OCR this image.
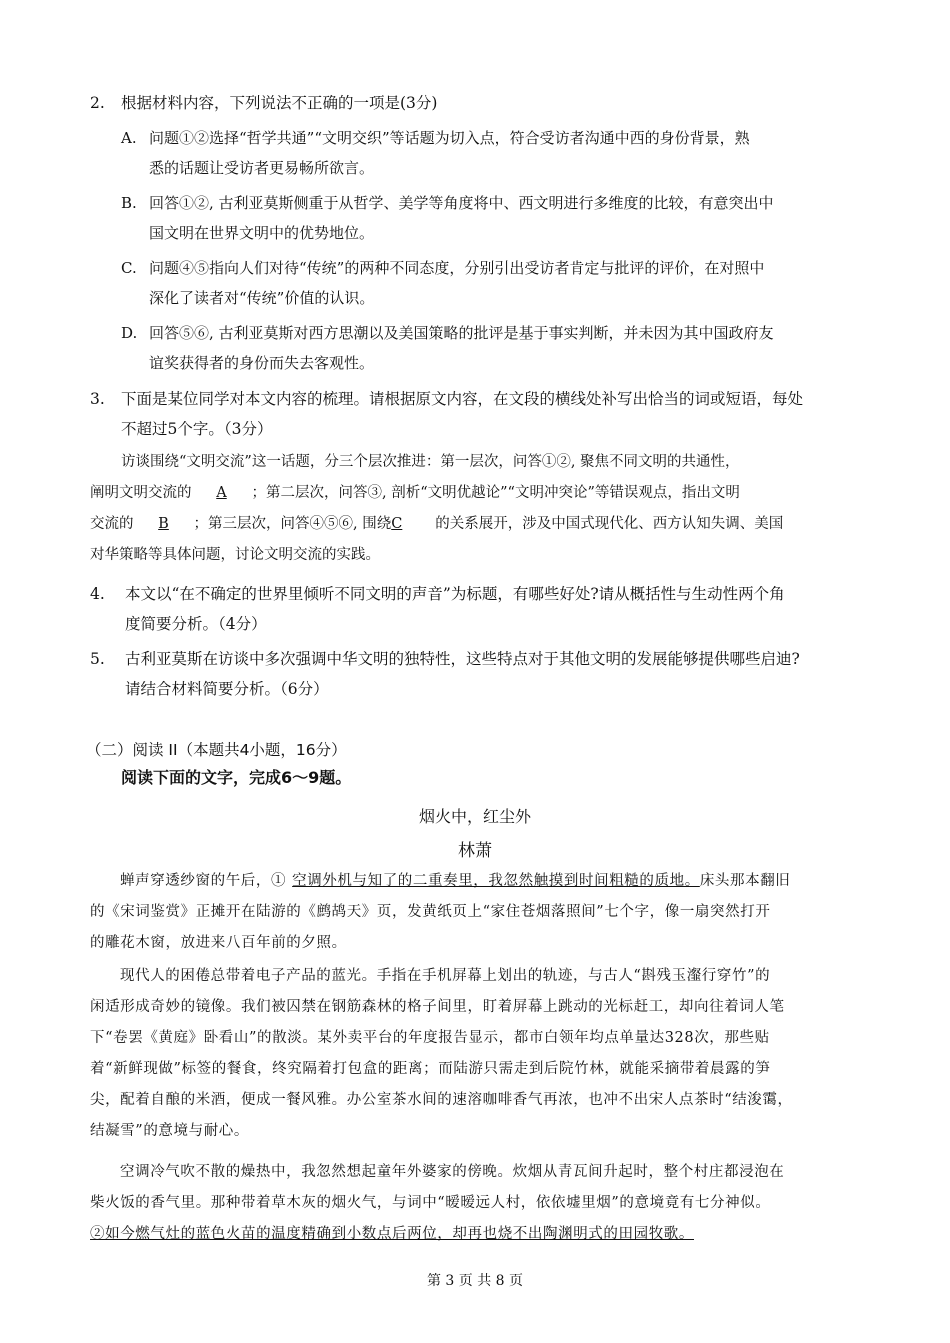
2. 根据材料内容，下列说法不正确的一项是(3分)
A. 问题①②选择“哲学共通”“文明交织”等话题为切入点，符合受访者沟通中西的身份背景，熟
悉的话题让受访者更易畅所欲言。
B. 回答①②, 古利亚莫斯侧重于从哲学、美学等角度将中、西文明进行多维度的比较，有意突出中
国文明在世界文明中的优势地位。
C. 问题④⑤指向人们对待“传统”的两种不同态度，分别引出受访者肯定与批评的评价，在对照中
深化了读者对“传统”价值的认识。
D. 回答⑤⑥, 古利亚莫斯对西方思潮以及美国策略的批评是基于事实判断，并未因为其中国政府友
谊奖获得者的身份而失去客观性。
3. 下面是某位同学对本文内容的梳理。请根据原文内容，在文段的横线处补写出恰当的词或短语，每处
不超过5个字。（3分）
访谈围绕“文明交流”这一话题，分三个层次推进：第一层次，问答①②, 聚焦不同文明的共通性，
阐明文明交流的 A ；第二层次，问答③, 剖析“文明优越论”“文明冲突论”等错误观点，指出文明
交流的 B ；第三层次，问答④⑤⑥, 围绕C 的关系展开，涉及中国式现代化、西方认知失调、美国
对华策略等具体问题，讨论文明交流的实践。
4. 本文以“在不确定的世界里倾听不同文明的声音”为标题，有哪些好处?请从概括性与生动性两个角
度简要分析。（4分）
5. 古利亚莫斯在访谈中多次强调中华文明的独特性，这些特点对于其他文明的发展能够提供哪些启迪?
请结合材料简要分析。（6分）
（二）阅读 II（本题共4小题，16分）
阅读下面的文字，完成6～9题。
烟火中，红尘外
林萧
蝉声穿透纱窗的午后，① 空调外机与知了的二重奏里，我忽然触摸到时间粗糙的质地。床头那本翻旧
的《宋词鉴赏》正摊开在陆游的《鹧鸪天》页，发黄纸页上“家住苍烟落照间”七个字，像一扇突然打开
的雕花木窗，放进来八百年前的夕照。
现代人的困倦总带着电子产品的蓝光。手指在手机屏幕上划出的轨迹，与古人“斟残玉瀣行穿竹”的
闲适形成奇妙的镜像。我们被囚禁在钢筋森林的格子间里，盯着屏幕上跳动的光标赶工，却向往着词人笔
下“卷罢《黄庭》卧看山”的散淡。某外卖平台的年度报告显示，都市白领年均点单量达328次，那些贴
着“新鲜现做”标签的餐食，终究隔着打包盒的距离；而陆游只需走到后院竹林，就能采摘带着晨露的笋
尖，配着自酿的米酒，便成一餐风雅。办公室茶水间的速溶咖啡香气再浓，也冲不出宋人点茶时“结浚霭，
结凝雪”的意境与耐心。
空调冷气吹不散的燥热中，我忽然想起童年外婆家的傍晚。炊烟从青瓦间升起时，整个村庄都浸泡在
柴火饭的香气里。那种带着草木灰的烟火气，与词中“暧暧远人村，依依墟里烟”的意境竟有七分神似。
②如今燃气灶的蓝色火苗的温度精确到小数点后两位，却再也烧不出陶渊明式的田园牧歌。
第 3 页 共 8 页
